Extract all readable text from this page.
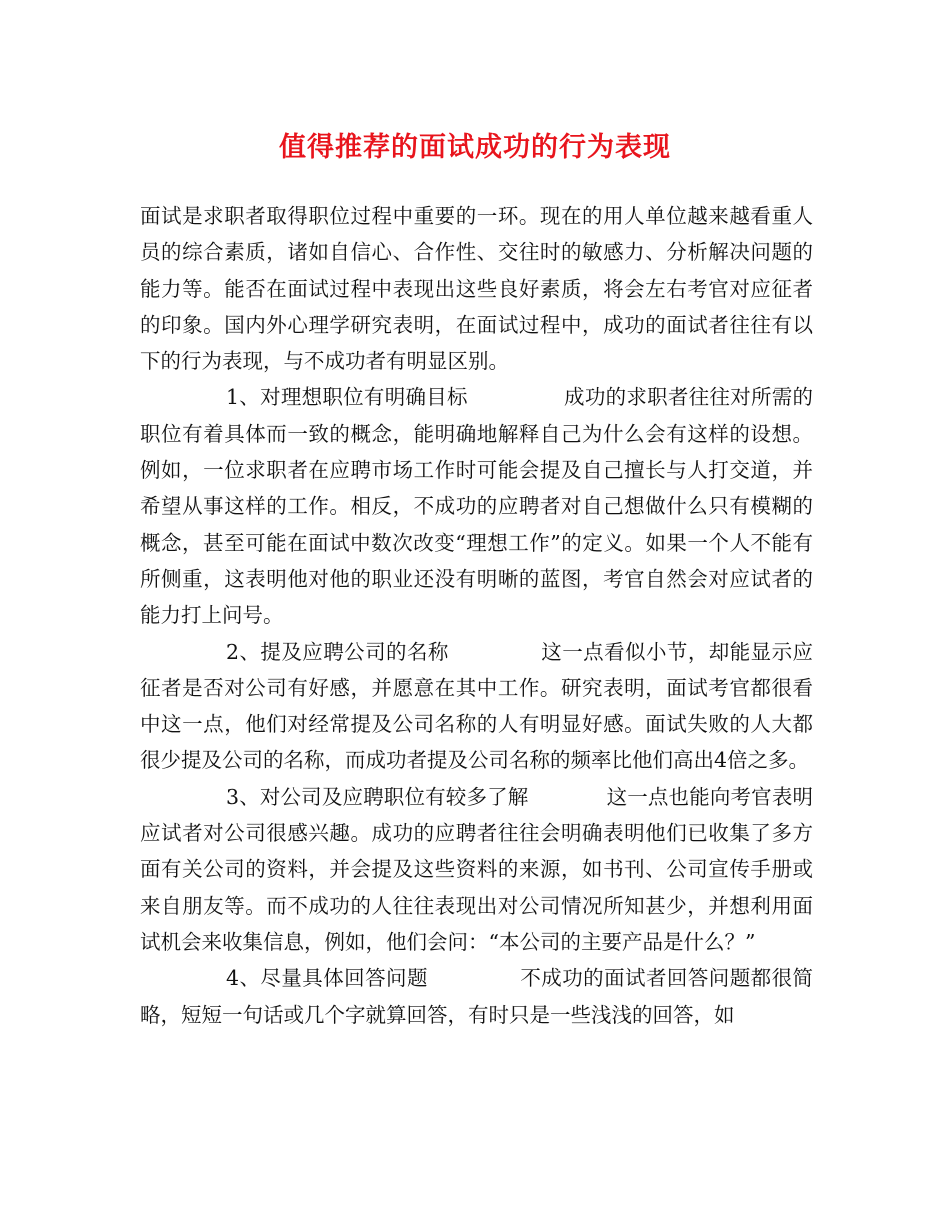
值得推荐的面试成功的行为表现

面试是求职者取得职位过程中重要的一环。现在的用人单位越来越看重人员的综合素质，诸如自信心、合作性、交往时的敏感力、分析解决问题的能力等。能否在面试过程中表现出这些良好素质，将会左右考官对应征者的印象。国内外心理学研究表明，在面试过程中，成功的面试者往往有以下的行为表现，与不成功者有明显区别。

1、对理想职位有明确目标	成功的求职者往往对所需的职位有着具体而一致的概念，能明确地解释自己为什么会有这样的设想。例如，一位求职者在应聘市场工作时可能会提及自己擅长与人打交道，并希望从事这样的工作。相反，不成功的应聘者对自己想做什么只有模糊的概念，甚至可能在面试中数次改变“理想工作”的定义。如果一个人不能有所侧重，这表明他对他的职业还没有明晰的蓝图，考官自然会对应试者的能力打上问号。

2、提及应聘公司的名称	这一点看似小节，却能显示应征者是否对公司有好感，并愿意在其中工作。研究表明，面试考官都很看中这一点，他们对经常提及公司名称的人有明显好感。面试失败的人大都很少提及公司的名称，而成功者提及公司名称的频率比他们高出4倍之多。

3、对公司及应聘职位有较多了解	这一点也能向考官表明应试者对公司很感兴趣。成功的应聘者往往会明确表明他们已收集了多方面有关公司的资料，并会提及这些资料的来源，如书刊、公司宣传手册或来自朋友等。而不成功的人往往表现出对公司情况所知甚少，并想利用面试机会来收集信息，例如，他们会问：“本公司的主要产品是什么？”

4、尽量具体回答问题	不成功的面试者回答问题都很简略，短短一句话或几个字就算回答，有时只是一些浅浅的回答，如
